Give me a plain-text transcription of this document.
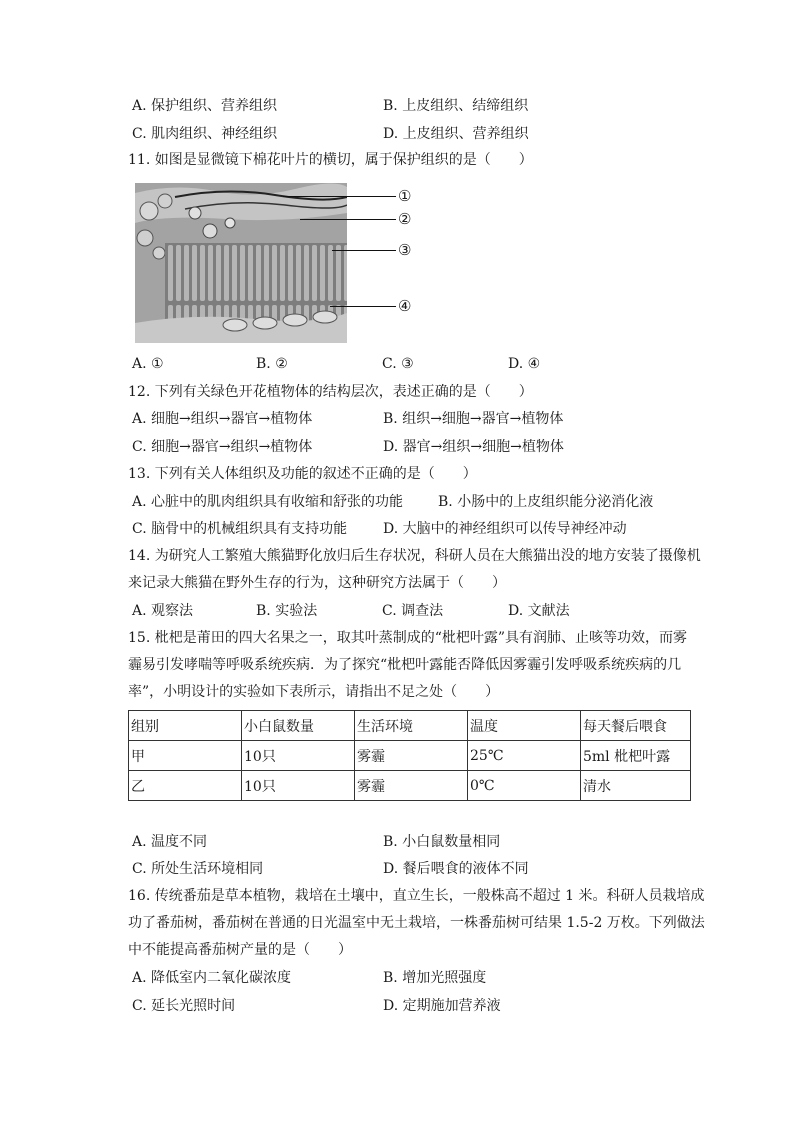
A. 保护组织、营养组织	B. 上皮组织、结缔组织
C. 肌肉组织、神经组织	D. 上皮组织、营养组织
11. 如图是显微镜下棉花叶片的横切，属于保护组织的是（　　）
①
②
③
④
A. ①	B. ②	C. ③	D. ④
12. 下列有关绿色开花植物体的结构层次，表述正确的是（　　）
A. 细胞→组织→器官→植物体	B. 组织→细胞→器官→植物体
C. 细胞→器官→组织→植物体	D. 器官→组织→细胞→植物体
13. 下列有关人体组织及功能的叙述不正确的是（　　）
A. 心脏中的肌肉组织具有收缩和舒张的功能 B. 小肠中的上皮组织能分泌消化液
C. 脑骨中的机械组织具有支持功能	D. 大脑中的神经组织可以传导神经冲动
14. 为研究人工繁殖大熊猫野化放归后生存状况，科研人员在大熊猫出没的地方安装了摄像机
来记录大熊猫在野外生存的行为，这种研究方法属于（　　）
A. 观察法	B. 实验法	C. 调查法	D. 文献法
15. 枇杷是莆田的四大名果之一，取其叶蒸制成的“枇杷叶露”具有润肺、止咳等功效，而雾
霾易引发哮喘等呼吸系统疾病．为了探究“枇杷叶露能否降低因雾霾引发呼吸系统疾病的几
率”，小明设计的实验如下表所示，请指出不足之处（　　）
组别	小白鼠数量	生活环境	温度	每天餐后喂食
甲	10只	雾霾	25℃	5ml 枇杷叶露
乙	10只	雾霾	0℃	清水
A. 温度不同	B. 小白鼠数量相同
C. 所处生活环境相同	D. 餐后喂食的液体不同
16. 传统番茄是草本植物，栽培在土壤中，直立生长，一般株高不超过 1 米。科研人员栽培成
功了番茄树，番茄树在普通的日光温室中无土栽培，一株番茄树可结果 1.5-2 万枚。下列做法
中不能提高番茄树产量的是（　　）
A. 降低室内二氧化碳浓度	B. 增加光照强度
C. 延长光照时间	D. 定期施加营养液
